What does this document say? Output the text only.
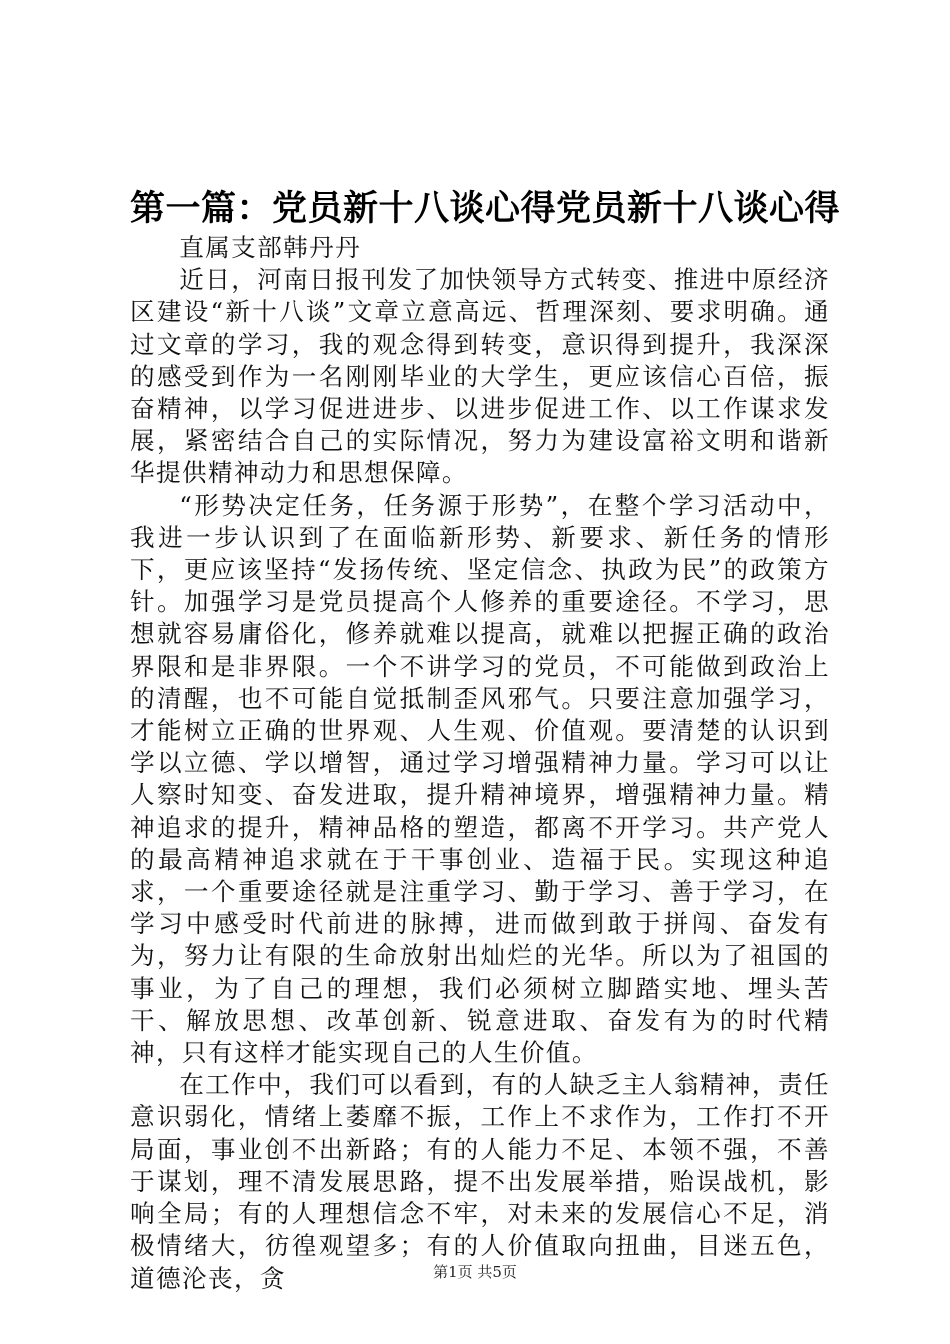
第一篇：党员新十八谈心得党员新十八谈心得

直属支部韩丹丹

近日，河南日报刊发了加快领导方式转变、推进中原经济区建设“新十八谈”文章立意高远、哲理深刻、要求明确。通过文章的学习，我的观念得到转变，意识得到提升，我深深的感受到作为一名刚刚毕业的大学生，更应该信心百倍，振奋精神，以学习促进进步、以进步促进工作、以工作谋求发展，紧密结合自己的实际情况，努力为建设富裕文明和谐新华提供精神动力和思想保障。

“形势决定任务，任务源于形势”，在整个学习活动中，我进一步认识到了在面临新形势、新要求、新任务的情形下，更应该坚持“发扬传统、坚定信念、执政为民”的政策方针。加强学习是党员提高个人修养的重要途径。不学习，思想就容易庸俗化，修养就难以提高，就难以把握正确的政治界限和是非界限。一个不讲学习的党员，不可能做到政治上的清醒，也不可能自觉抵制歪风邪气。只要注意加强学习，才能树立正确的世界观、人生观、价值观。要清楚的认识到学以立德、学以增智，通过学习增强精神力量。学习可以让人察时知变、奋发进取，提升精神境界，增强精神力量。精神追求的提升，精神品格的塑造，都离不开学习。共产党人的最高精神追求就在于干事创业、造福于民。实现这种追求，一个重要途径就是注重学习、勤于学习、善于学习，在学习中感受时代前进的脉搏，进而做到敢于拼闯、奋发有为，努力让有限的生命放射出灿烂的光华。所以为了祖国的事业，为了自己的理想，我们必须树立脚踏实地、埋头苦干、解放思想、改革创新、锐意进取、奋发有为的时代精神，只有这样才能实现自己的人生价值。

在工作中，我们可以看到，有的人缺乏主人翁精神，责任意识弱化，情绪上萎靡不振，工作上不求作为，工作打不开局面，事业创不出新路；有的人能力不足、本领不强，不善于谋划，理不清发展思路，提不出发展举措，贻误战机，影响全局；有的人理想信念不牢，对未来的发展信心不足，消极情绪大，彷徨观望多；有的人价值取向扭曲，目迷五色，道德沦丧，贪	第1页 共5页
